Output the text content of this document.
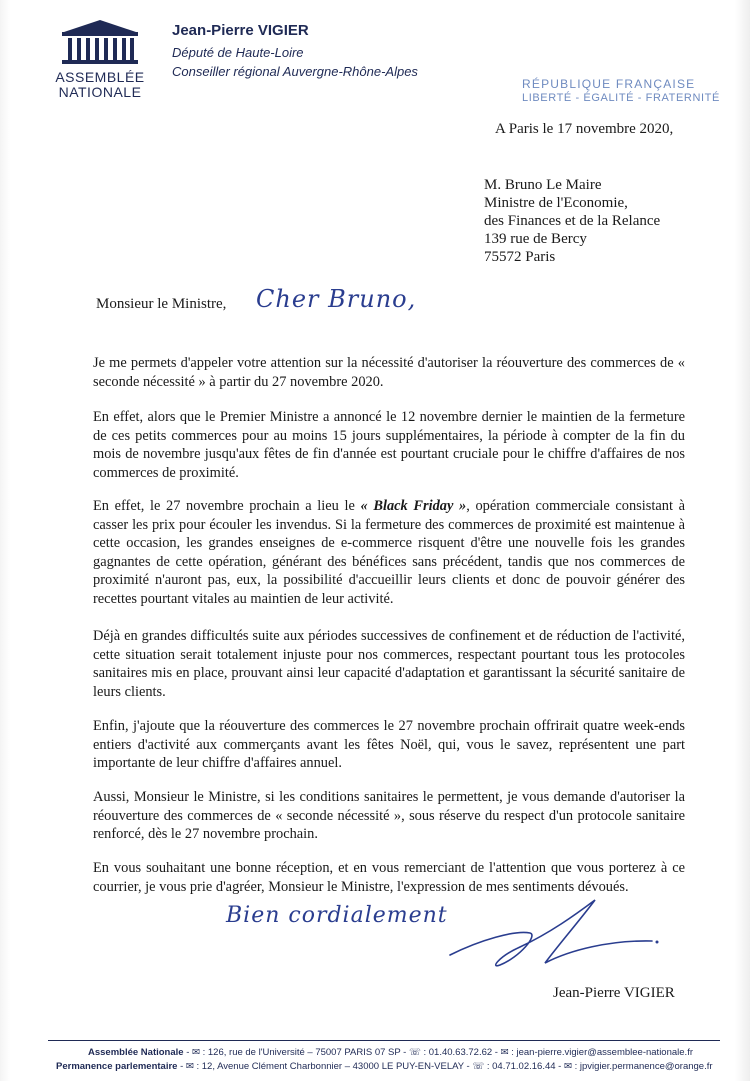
ASSEMBLÉE
NATIONALE
Jean-Pierre VIGIER
Député de Haute-Loire
Conseiller régional Auvergne-Rhône-Alpes
RÉPUBLIQUE FRANÇAISE
LIBERTÉ - ÉGALITÉ - FRATERNITÉ
A Paris le 17 novembre 2020,
M. Bruno Le Maire
Ministre de l'Economie,
des Finances et de la Relance
139 rue de Bercy
75572 Paris
Monsieur le Ministre, Cher Bruno,

Je me permets d'appeler votre attention sur la nécessité d'autoriser la réouverture des commerces de « seconde nécessité » à partir du 27 novembre 2020.

En effet, alors que le Premier Ministre a annoncé le 12 novembre dernier le maintien de la fermeture de ces petits commerces pour au moins 15 jours supplémentaires, la période à compter de la fin du mois de novembre jusqu'aux fêtes de fin d'année est pourtant cruciale pour le chiffre d'affaires de nos commerces de proximité.

En effet, le 27 novembre prochain a lieu le « Black Friday », opération commerciale consistant à casser les prix pour écouler les invendus. Si la fermeture des commerces de proximité est maintenue à cette occasion, les grandes enseignes de e-commerce risquent d'être une nouvelle fois les grandes gagnantes de cette opération, générant des bénéfices sans précédent, tandis que nos commerces de proximité n'auront pas, eux, la possibilité d'accueillir leurs clients et donc de pouvoir générer des recettes pourtant vitales au maintien de leur activité.

Déjà en grandes difficultés suite aux périodes successives de confinement et de réduction de l'activité, cette situation serait totalement injuste pour nos commerces, respectant pourtant tous les protocoles sanitaires mis en place, prouvant ainsi leur capacité d'adaptation et garantissant la sécurité sanitaire de leurs clients.

Enfin, j'ajoute que la réouverture des commerces le 27 novembre prochain offrirait quatre week-ends entiers d'activité aux commerçants avant les fêtes Noël, qui, vous le savez, représentent une part importante de leur chiffre d'affaires annuel.

Aussi, Monsieur le Ministre, si les conditions sanitaires le permettent, je vous demande d'autoriser la réouverture des commerces de « seconde nécessité », sous réserve du respect d'un protocole sanitaire renforcé, dès le 27 novembre prochain.

En vous souhaitant une bonne réception, et en vous remerciant de l'attention que vous porterez à ce courrier, je vous prie d'agréer, Monsieur le Ministre, l'expression de mes sentiments dévoués.

Bien cordialement
Jean-Pierre VIGIER
Assemblée Nationale - ✉ : 126, rue de l'Université – 75007 PARIS 07 SP - ☏ : 01.40.63.72.62 - ✉ : jean-pierre.vigier@assemblee-nationale.fr
Permanence parlementaire - ✉ : 12, Avenue Clément Charbonnier – 43000 LE PUY-EN-VELAY - ☏ : 04.71.02.16.44 - ✉ : jpvigier.permanence@orange.fr
